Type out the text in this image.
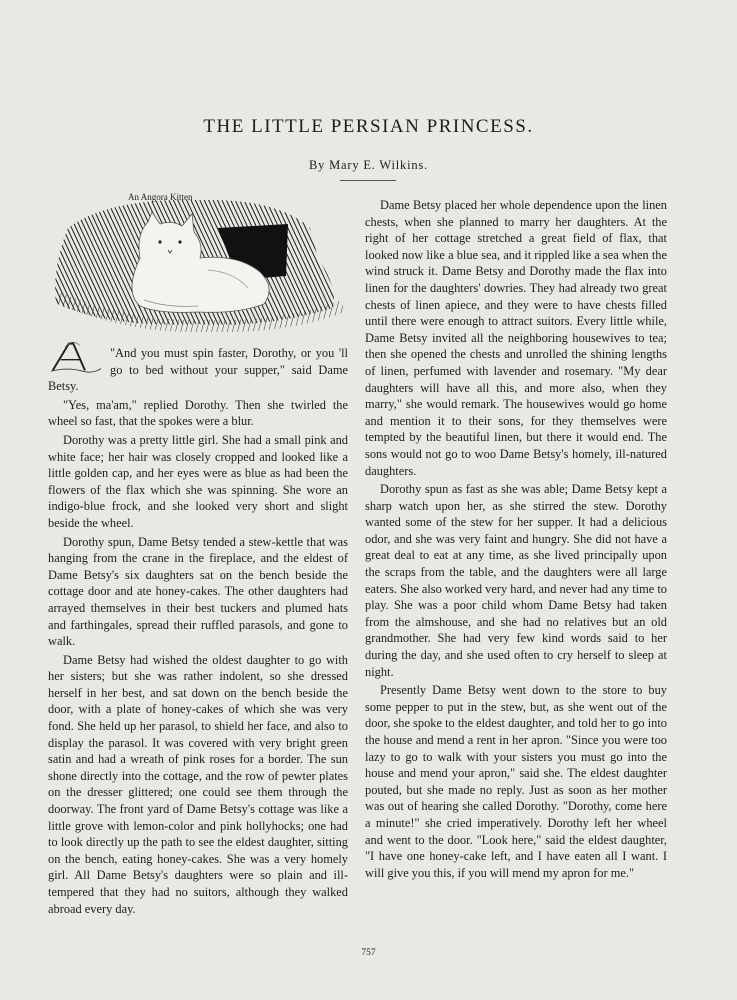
THE LITTLE PERSIAN PRINCESS.
By Mary E. Wilkins.
An Angora Kitten

"And you must spin faster, Dorothy, or you 'll go to bed without your supper," said Dame Betsy.

"Yes, ma'am," replied Dorothy. Then she twirled the wheel so fast, that the spokes were a blur.

Dorothy was a pretty little girl. She had a small pink and white face; her hair was closely cropped and looked like a little golden cap, and her eyes were as blue as had been the flowers of the flax which she was spinning. She wore an indigo-blue frock, and she looked very short and slight beside the wheel.

Dorothy spun, Dame Betsy tended a stew-kettle that was hanging from the crane in the fireplace, and the eldest of Dame Betsy's six daughters sat on the bench beside the cottage door and ate honey-cakes. The other daughters had arrayed themselves in their best tuckers and plumed hats and farthingales, spread their ruffled parasols, and gone to walk.

Dame Betsy had wished the oldest daughter to go with her sisters; but she was rather indolent, so she dressed herself in her best, and sat down on the bench beside the door, with a plate of honey-cakes of which she was very fond. She held up her parasol, to shield her face, and also to display the parasol. It was covered with very bright green satin and had a wreath of pink roses for a border. The sun shone directly into the cottage, and the row of pewter plates on the dresser glittered; one could see them through the doorway. The front yard of Dame Betsy's cottage was like a little grove with lemon-color and pink hollyhocks; one had to look directly up the path to see the eldest daughter, sitting on the bench, eating honey-cakes. She was a very homely girl. All Dame Betsy's daughters were so plain and ill-tempered that they had no suitors, although they walked abroad every day.

Dame Betsy placed her whole dependence upon the linen chests, when she planned to marry her daughters. At the right of her cottage stretched a great field of flax, that looked now like a blue sea, and it rippled like a sea when the wind struck it. Dame Betsy and Dorothy made the flax into linen for the daughters' dowries. They had already two great chests of linen apiece, and they were to have chests filled until there were enough to attract suitors. Every little while, Dame Betsy invited all the neighboring housewives to tea; then she opened the chests and unrolled the shining lengths of linen, perfumed with lavender and rosemary. "My dear daughters will have all this, and more also, when they marry," she would remark. The housewives would go home and mention it to their sons, for they themselves were tempted by the beautiful linen, but there it would end. The sons would not go to woo Dame Betsy's homely, ill-natured daughters.

Dorothy spun as fast as she was able; Dame Betsy kept a sharp watch upon her, as she stirred the stew. Dorothy wanted some of the stew for her supper. It had a delicious odor, and she was very faint and hungry. She did not have a great deal to eat at any time, as she lived principally upon the scraps from the table, and the daughters were all large eaters. She also worked very hard, and never had any time to play. She was a poor child whom Dame Betsy had taken from the almshouse, and she had no relatives but an old grandmother. She had very few kind words said to her during the day, and she used often to cry herself to sleep at night.

Presently Dame Betsy went down to the store to buy some pepper to put in the stew, but, as she went out of the door, she spoke to the eldest daughter, and told her to go into the house and mend a rent in her apron. "Since you were too lazy to go to walk with your sisters you must go into the house and mend your apron," said she. The eldest daughter pouted, but she made no reply. Just as soon as her mother was out of hearing she called Dorothy. "Dorothy, come here a minute!" she cried imperatively. Dorothy left her wheel and went to the door. "Look here," said the eldest daughter, "I have one honey-cake left, and I have eaten all I want. I will give you this, if you will mend my apron for me."

757
